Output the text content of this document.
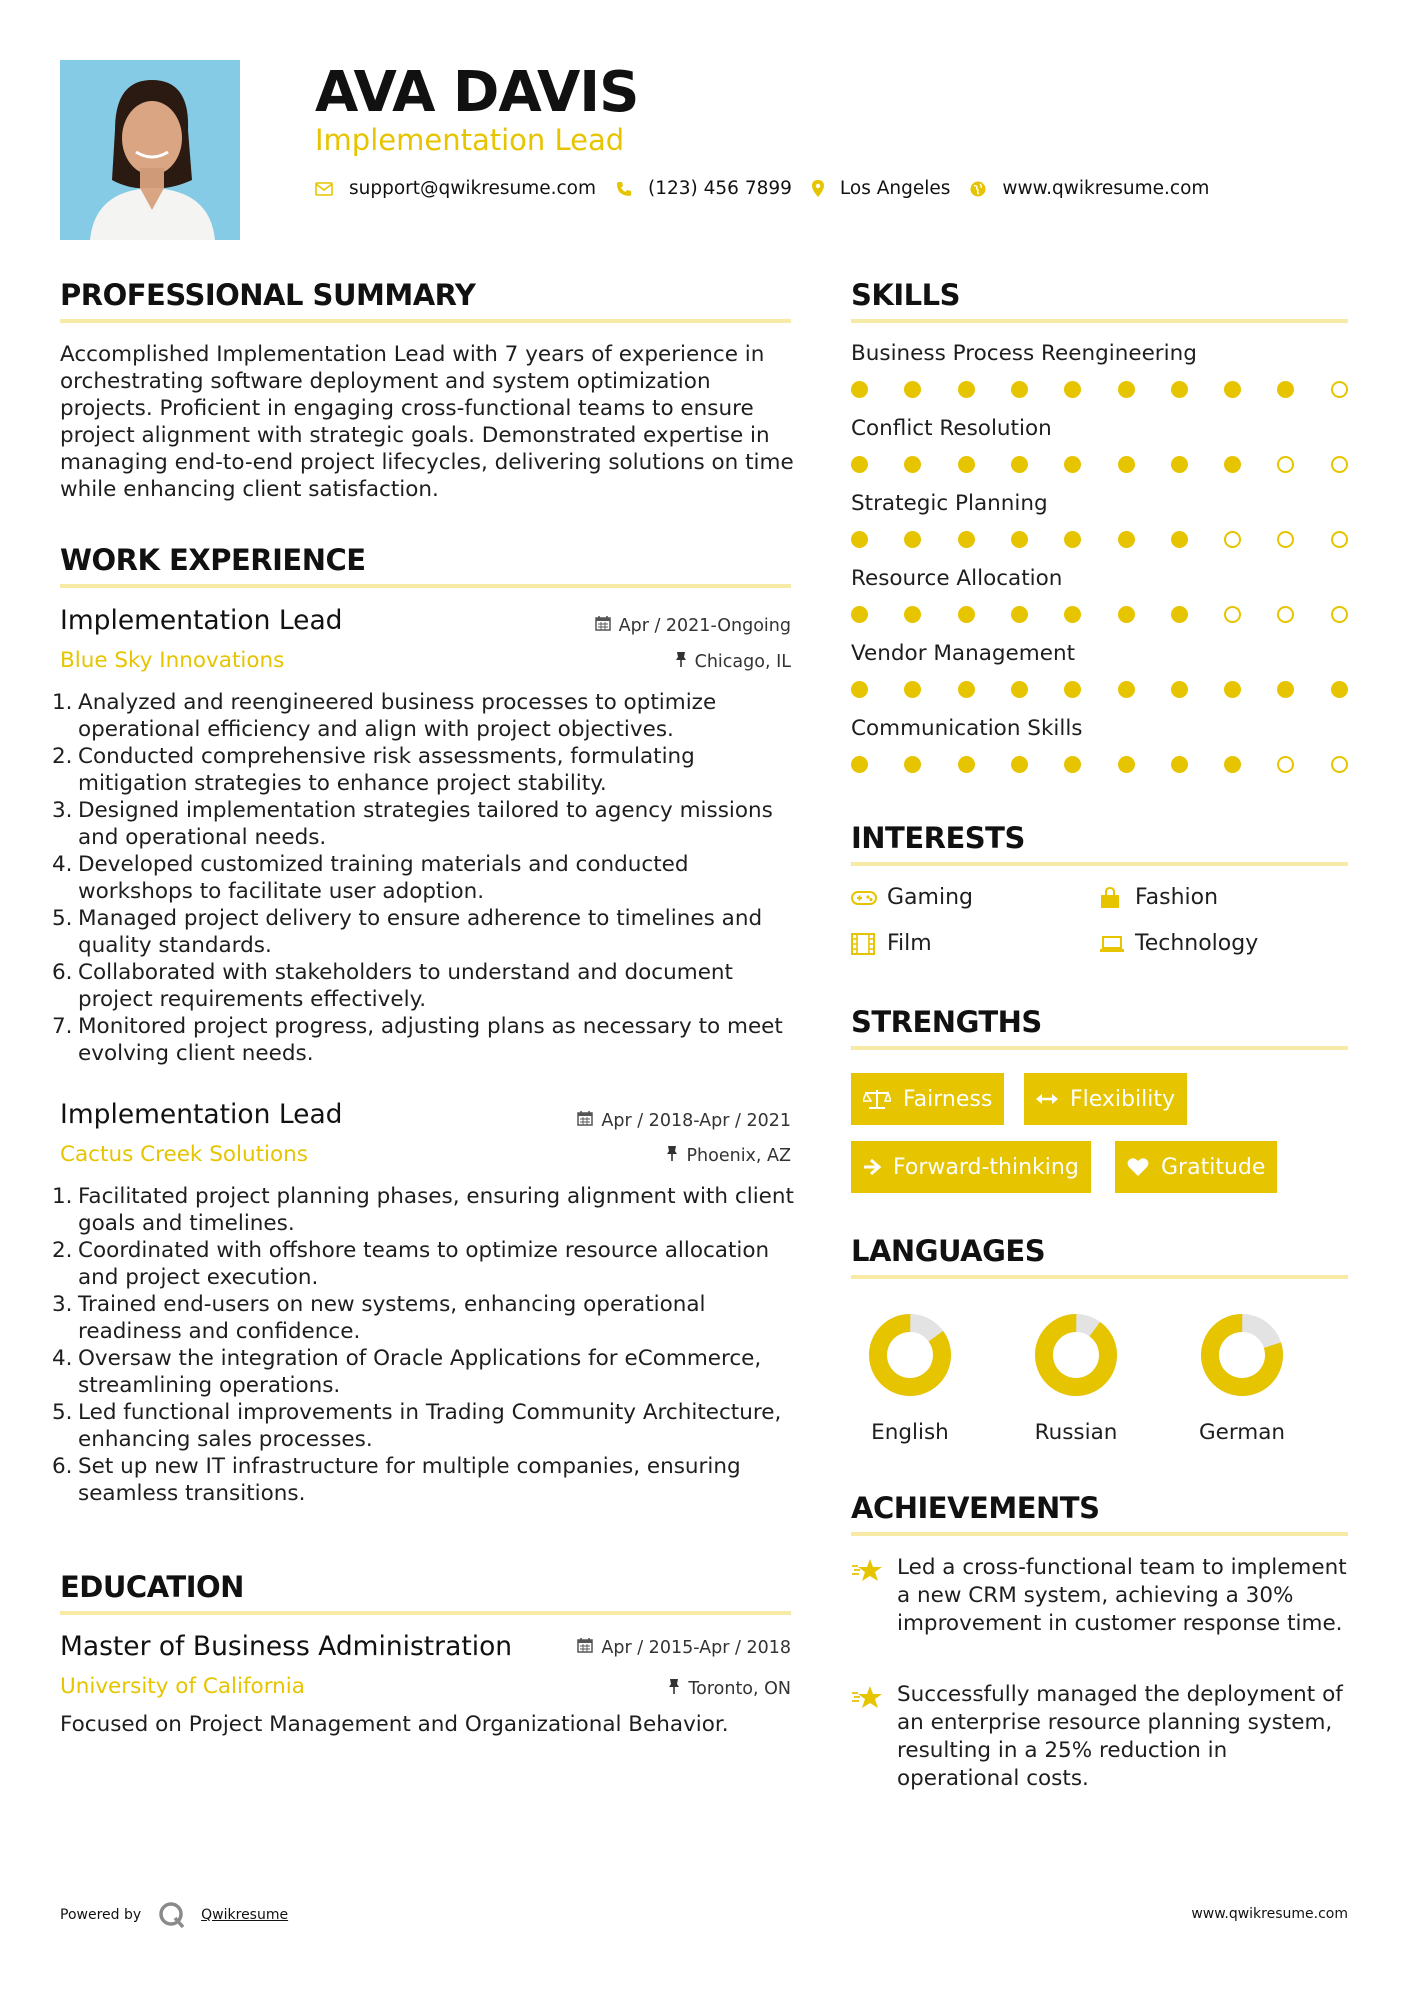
AVA DAVIS
Implementation Lead
support@qwikresume.com	(123) 456 7899	Los Angeles	www.qwikresume.com
PROFESSIONAL SUMMARY
Accomplished Implementation Lead with 7 years of experience in orchestrating software deployment and system optimization projects. Proficient in engaging cross-functional teams to ensure project alignment with strategic goals. Demonstrated expertise in managing end-to-end project lifecycles, delivering solutions on time while enhancing client satisfaction.
WORK EXPERIENCE
Implementation Lead	Apr / 2021-Ongoing
Blue Sky Innovations	Chicago, IL
1. Analyzed and reengineered business processes to optimize operational efficiency and align with project objectives.
2. Conducted comprehensive risk assessments, formulating mitigation strategies to enhance project stability.
3. Designed implementation strategies tailored to agency missions and operational needs.
4. Developed customized training materials and conducted workshops to facilitate user adoption.
5. Managed project delivery to ensure adherence to timelines and quality standards.
6. Collaborated with stakeholders to understand and document project requirements effectively.
7. Monitored project progress, adjusting plans as necessary to meet evolving client needs.
Implementation Lead	Apr / 2018-Apr / 2021
Cactus Creek Solutions	Phoenix, AZ
1. Facilitated project planning phases, ensuring alignment with client goals and timelines.
2. Coordinated with offshore teams to optimize resource allocation and project execution.
3. Trained end-users on new systems, enhancing operational readiness and confidence.
4. Oversaw the integration of Oracle Applications for eCommerce, streamlining operations.
5. Led functional improvements in Trading Community Architecture, enhancing sales processes.
6. Set up new IT infrastructure for multiple companies, ensuring seamless transitions.
EDUCATION
Master of Business Administration	Apr / 2015-Apr / 2018
University of California	Toronto, ON
Focused on Project Management and Organizational Behavior.
SKILLS
Business Process Reengineering
Conflict Resolution
Strategic Planning
Resource Allocation
Vendor Management
Communication Skills
INTERESTS
Gaming	Fashion
Film	Technology
STRENGTHS
Fairness	Flexibility
Forward-thinking	Gratitude
LANGUAGES
English	Russian	German
ACHIEVEMENTS
Led a cross-functional team to implement a new CRM system, achieving a 30% improvement in customer response time.
Successfully managed the deployment of an enterprise resource planning system, resulting in a 25% reduction in operational costs.
Powered by	Qwikresume	www.qwikresume.com
